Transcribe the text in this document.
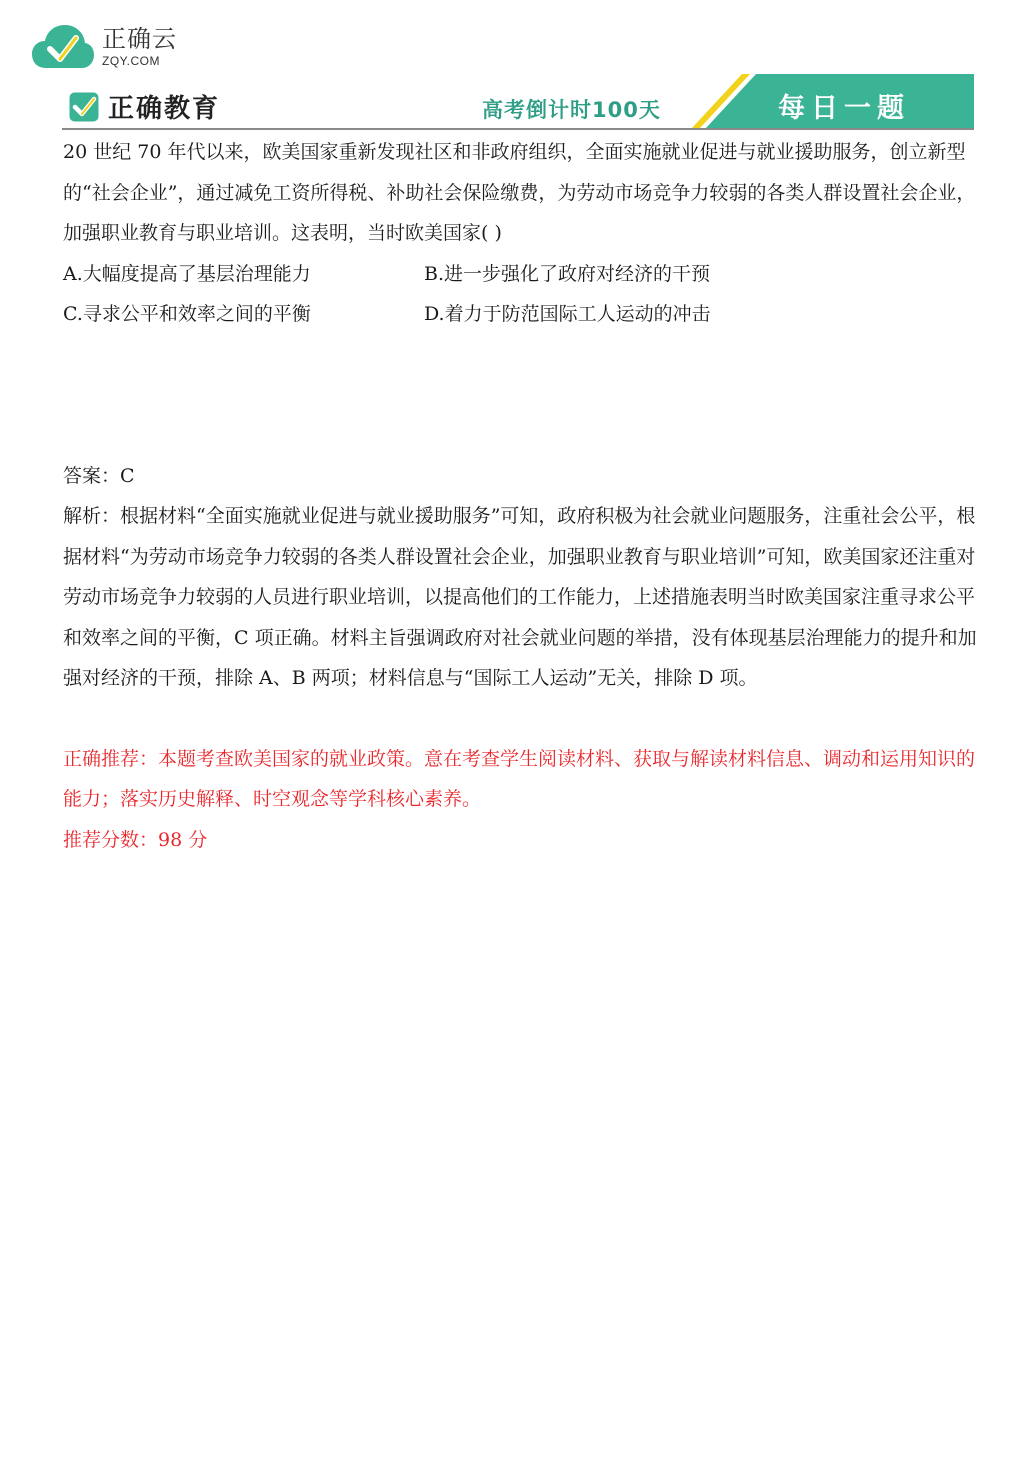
正确云
ZQY.COM
正确教育	高考倒计时100天	每日一题

20 世纪 70 年代以来，欧美国家重新发现社区和非政府组织，全面实施就业促进与就业援助服务，创立新型的“社会企业”，通过减免工资所得税、补助社会保险缴费，为劳动市场竞争力较弱的各类人群设置社会企业，加强职业教育与职业培训。这表明，当时欧美国家( )

A.大幅度提高了基层治理能力	B.进一步强化了政府对经济的干预
C.寻求公平和效率之间的平衡	D.着力于防范国际工人运动的冲击

答案：C

解析：根据材料“全面实施就业促进与就业援助服务”可知，政府积极为社会就业问题服务，注重社会公平，根据材料“为劳动市场竞争力较弱的各类人群设置社会企业，加强职业教育与职业培训”可知，欧美国家还注重对劳动市场竞争力较弱的人员进行职业培训，以提高他们的工作能力，上述措施表明当时欧美国家注重寻求公平和效率之间的平衡，C 项正确。材料主旨强调政府对社会就业问题的举措，没有体现基层治理能力的提升和加强对经济的干预，排除 A、B 两项；材料信息与“国际工人运动”无关，排除 D 项。

正确推荐：本题考查欧美国家的就业政策。意在考查学生阅读材料、获取与解读材料信息、调动和运用知识的能力；落实历史解释、时空观念等学科核心素养。

推荐分数：98 分
